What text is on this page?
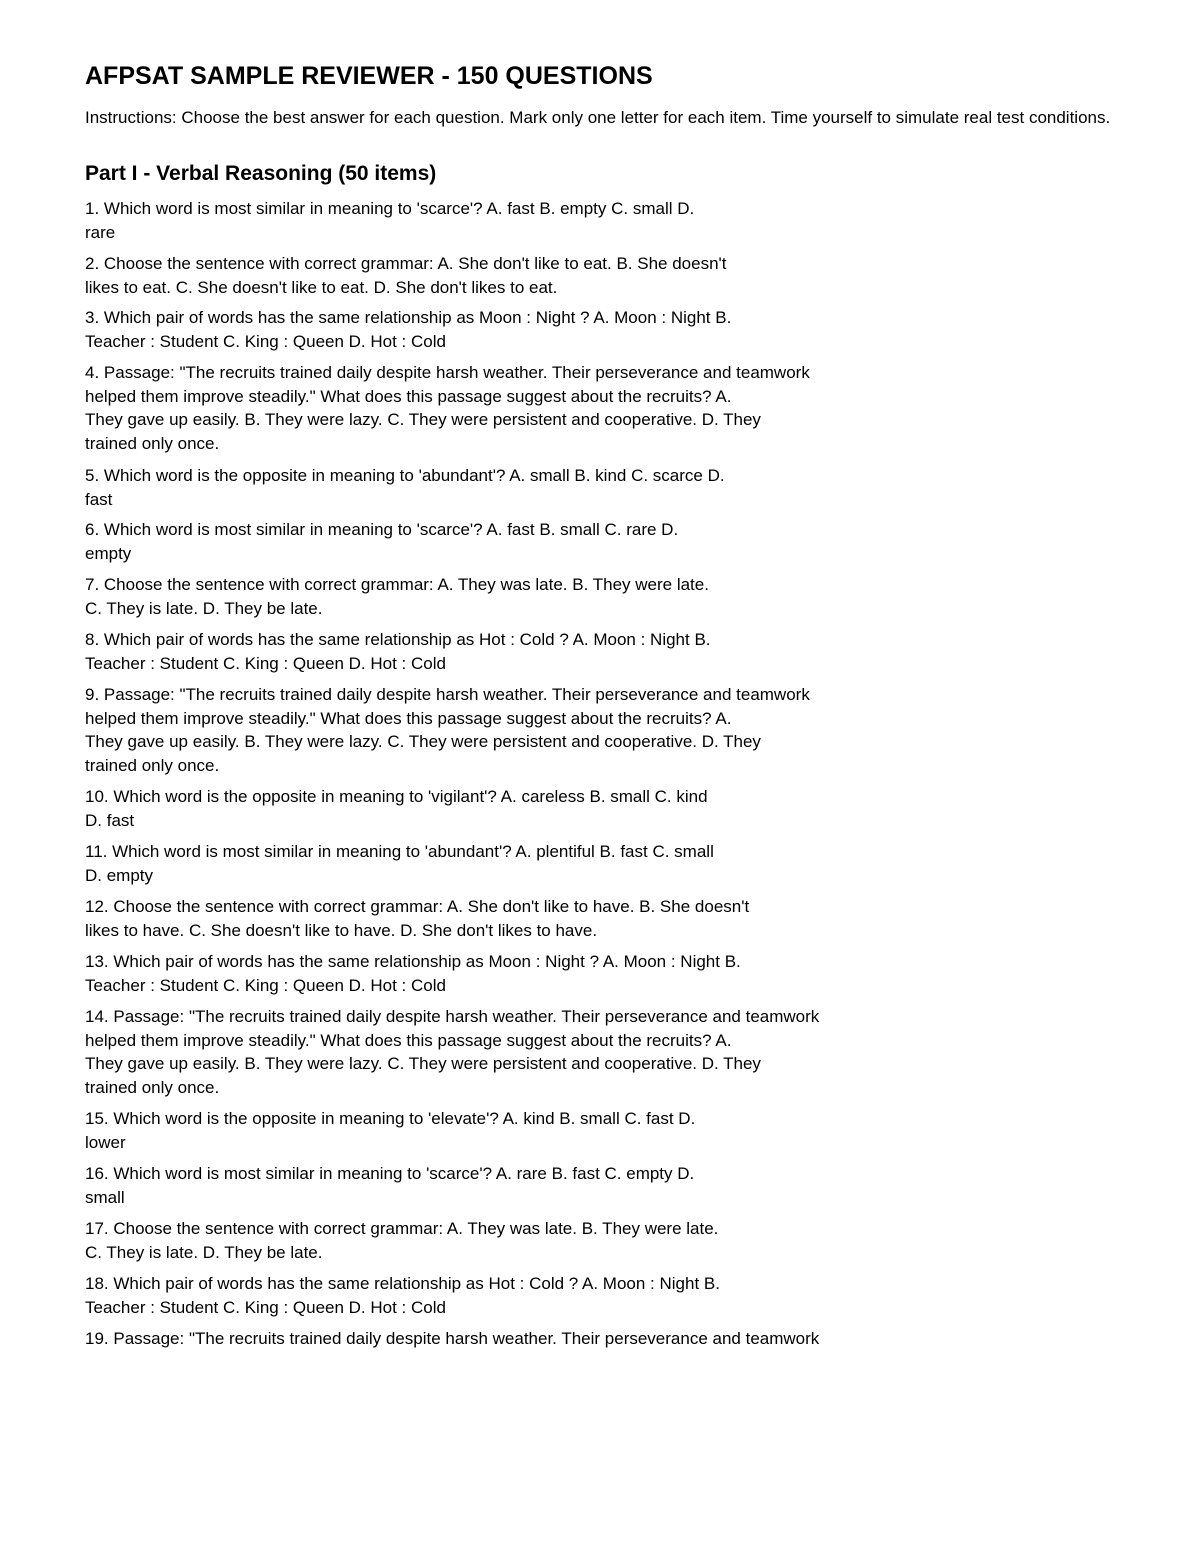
AFPSAT SAMPLE REVIEWER - 150 QUESTIONS

Instructions: Choose the best answer for each question. Mark only one letter for each item. Time yourself to simulate real test conditions.

Part I - Verbal Reasoning (50 items)

1. Which word is most similar in meaning to 'scarce'? A. fast B. empty C. small D.
rare

2. Choose the sentence with correct grammar: A. She don't like to eat. B. She doesn't
likes to eat. C. She doesn't like to eat. D. She don't likes to eat.

3. Which pair of words has the same relationship as Moon : Night ? A. Moon : Night B.
Teacher : Student C. King : Queen D. Hot : Cold

4. Passage: "The recruits trained daily despite harsh weather. Their perseverance and teamwork
helped them improve steadily." What does this passage suggest about the recruits? A.
They gave up easily. B. They were lazy. C. They were persistent and cooperative. D. They
trained only once.

5. Which word is the opposite in meaning to 'abundant'? A. small B. kind C. scarce D.
fast

6. Which word is most similar in meaning to 'scarce'? A. fast B. small C. rare D.
empty

7. Choose the sentence with correct grammar: A. They was late. B. They were late.
C. They is late. D. They be late.

8. Which pair of words has the same relationship as Hot : Cold ? A. Moon : Night B.
Teacher : Student C. King : Queen D. Hot : Cold

9. Passage: "The recruits trained daily despite harsh weather. Their perseverance and teamwork
helped them improve steadily." What does this passage suggest about the recruits? A.
They gave up easily. B. They were lazy. C. They were persistent and cooperative. D. They
trained only once.

10. Which word is the opposite in meaning to 'vigilant'? A. careless B. small C. kind
D. fast

11. Which word is most similar in meaning to 'abundant'? A. plentiful B. fast C. small
D. empty

12. Choose the sentence with correct grammar: A. She don't like to have. B. She doesn't
likes to have. C. She doesn't like to have. D. She don't likes to have.

13. Which pair of words has the same relationship as Moon : Night ? A. Moon : Night B.
Teacher : Student C. King : Queen D. Hot : Cold

14. Passage: "The recruits trained daily despite harsh weather. Their perseverance and teamwork
helped them improve steadily." What does this passage suggest about the recruits? A.
They gave up easily. B. They were lazy. C. They were persistent and cooperative. D. They
trained only once.

15. Which word is the opposite in meaning to 'elevate'? A. kind B. small C. fast D.
lower

16. Which word is most similar in meaning to 'scarce'? A. rare B. fast C. empty D.
small

17. Choose the sentence with correct grammar: A. They was late. B. They were late.
C. They is late. D. They be late.

18. Which pair of words has the same relationship as Hot : Cold ? A. Moon : Night B.
Teacher : Student C. King : Queen D. Hot : Cold

19. Passage: "The recruits trained daily despite harsh weather. Their perseverance and teamwork
